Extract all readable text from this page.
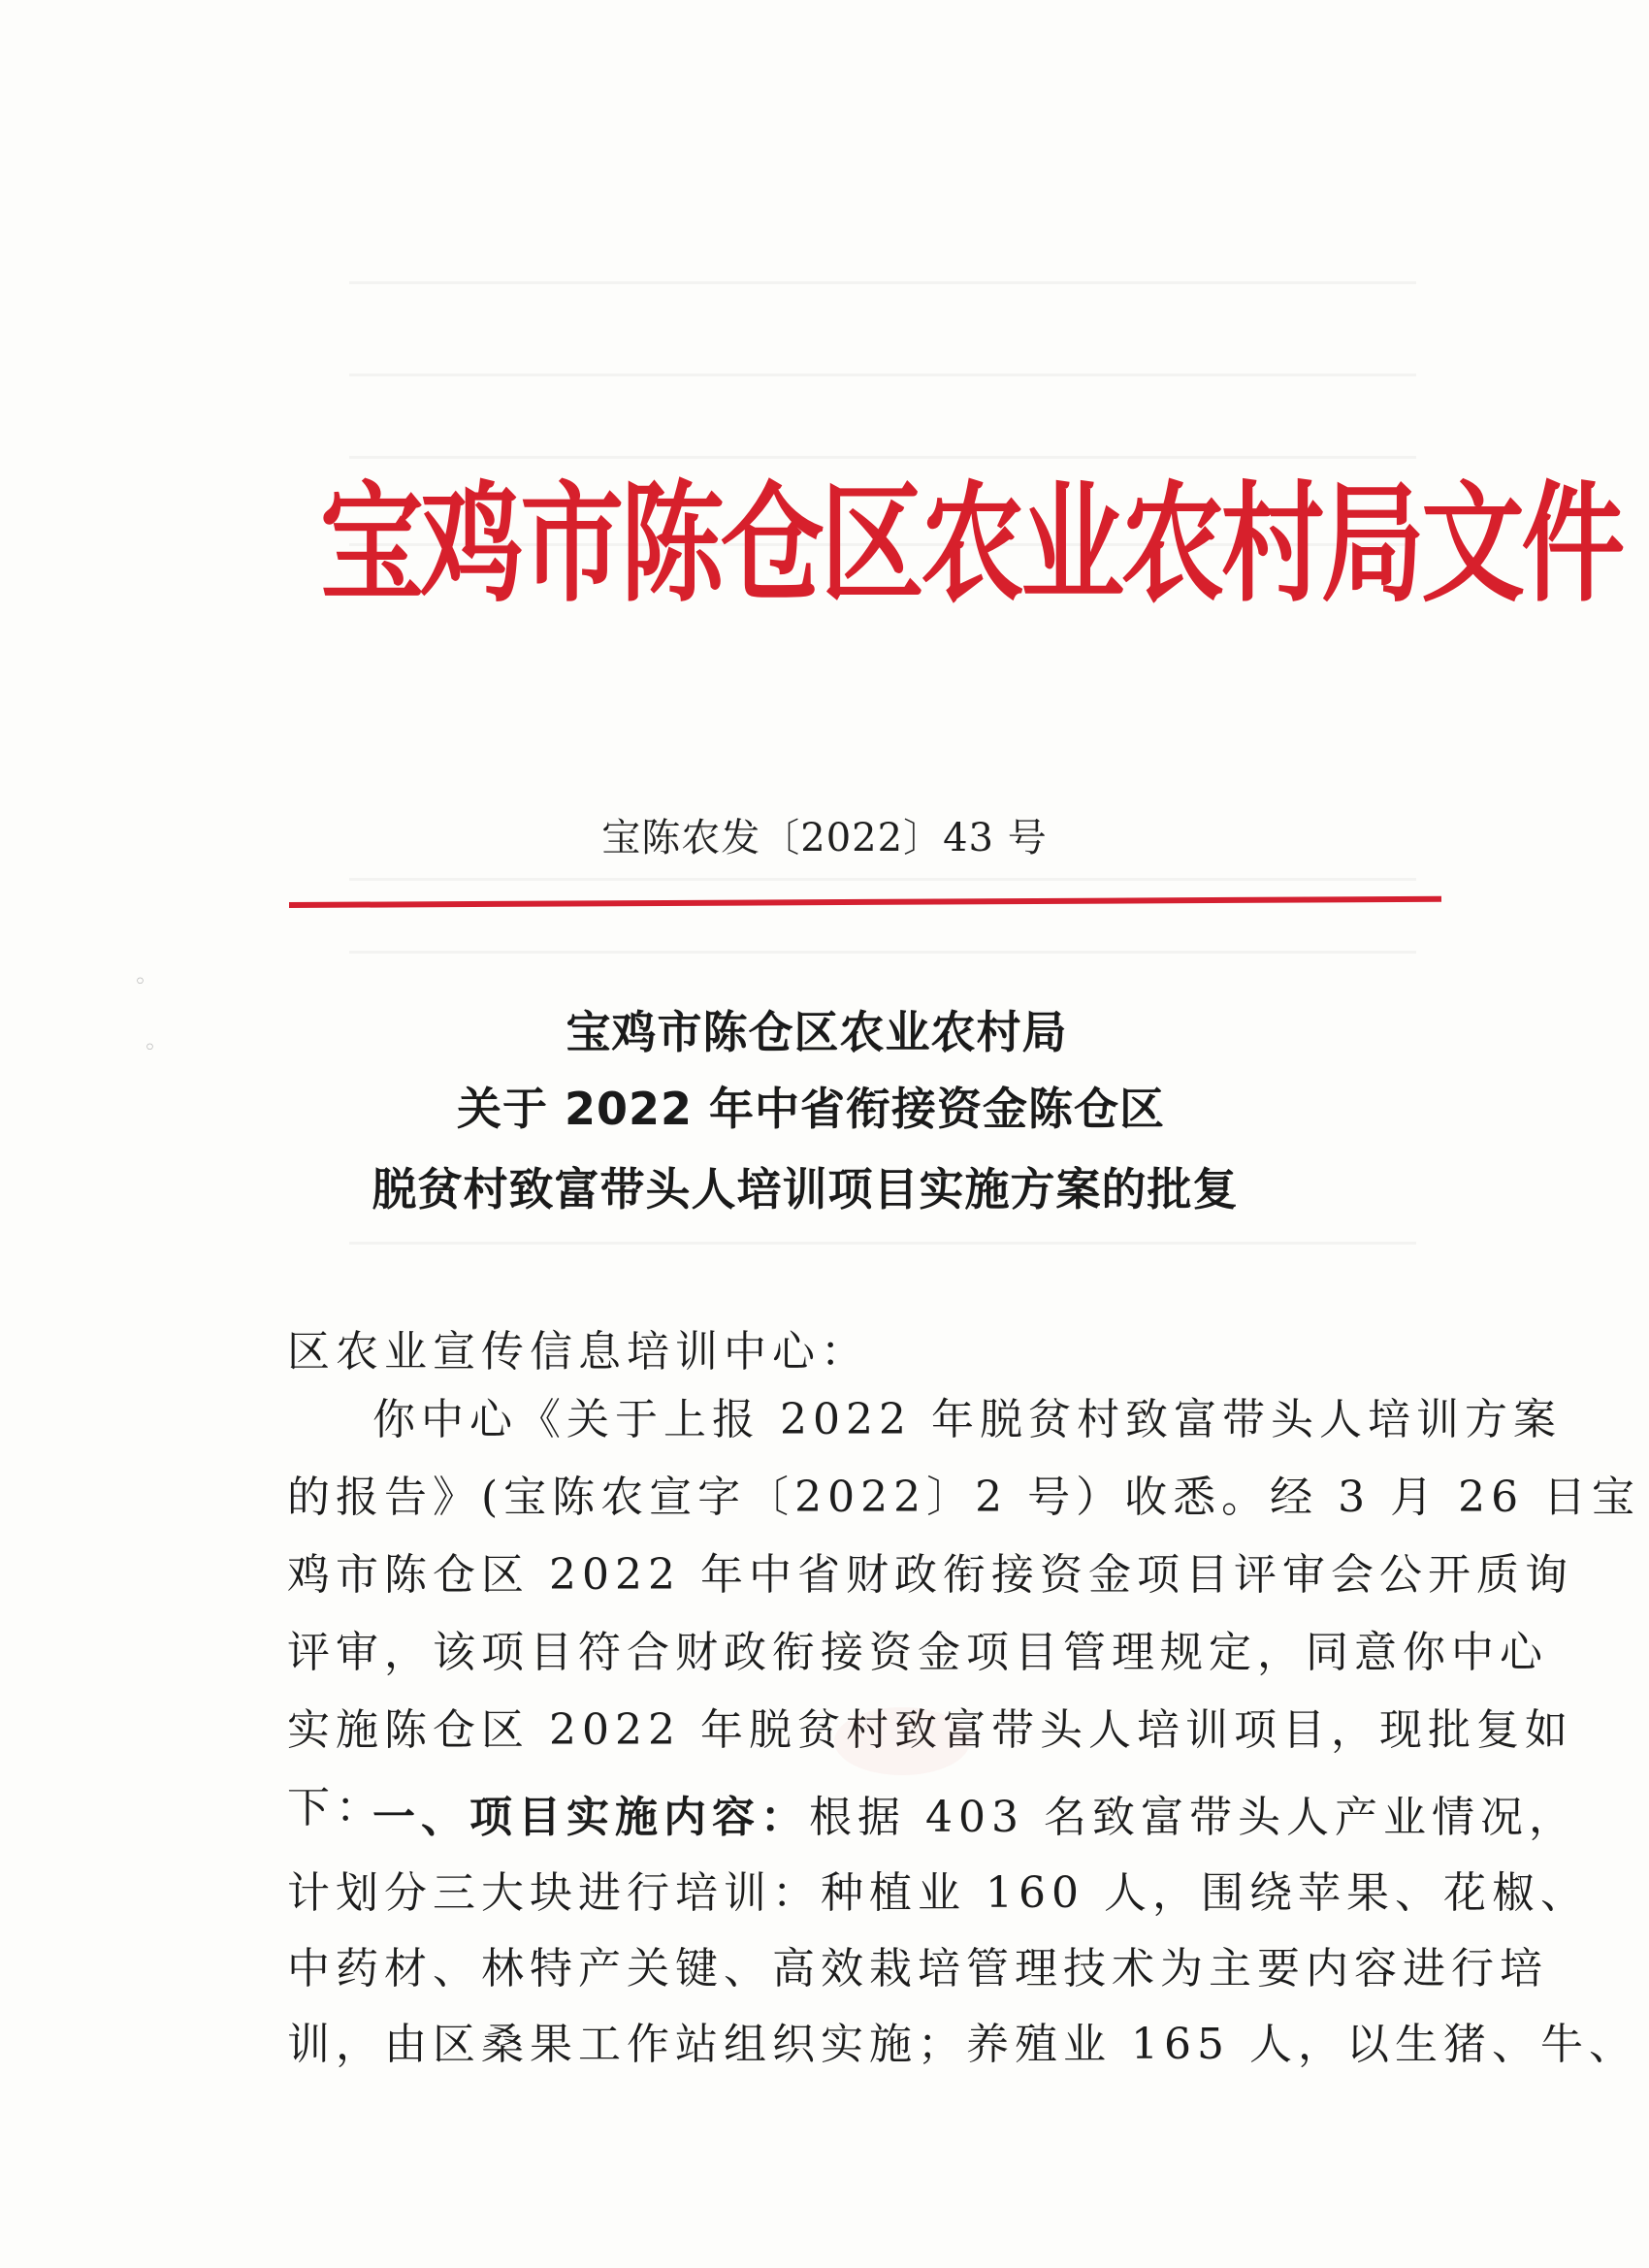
◦
◦
宝鸡市陈仓区农业农村局文件
宝陈农发〔2022〕43 号
宝鸡市陈仓区农业农村局
关于 2022 年中省衔接资金陈仓区
脱贫村致富带头人培训项目实施方案的批复
区农业宣传信息培训中心：
你中心《关于上报 2022 年脱贫村致富带头人培训方案
的报告》(宝陈农宣字〔2022〕2 号）收悉。经 3 月 26 日宝
鸡市陈仓区 2022 年中省财政衔接资金项目评审会公开质询
评审，该项目符合财政衔接资金项目管理规定，同意你中心
实施陈仓区 2022 年脱贫村致富带头人培训项目，现批复如
下：
一、项目实施内容：根据 403 名致富带头人产业情况，
计划分三大块进行培训：种植业 160 人，围绕苹果、花椒、
中药材、林特产关键、高效栽培管理技术为主要内容进行培
训，由区桑果工作站组织实施；养殖业 165 人，以生猪、牛、
